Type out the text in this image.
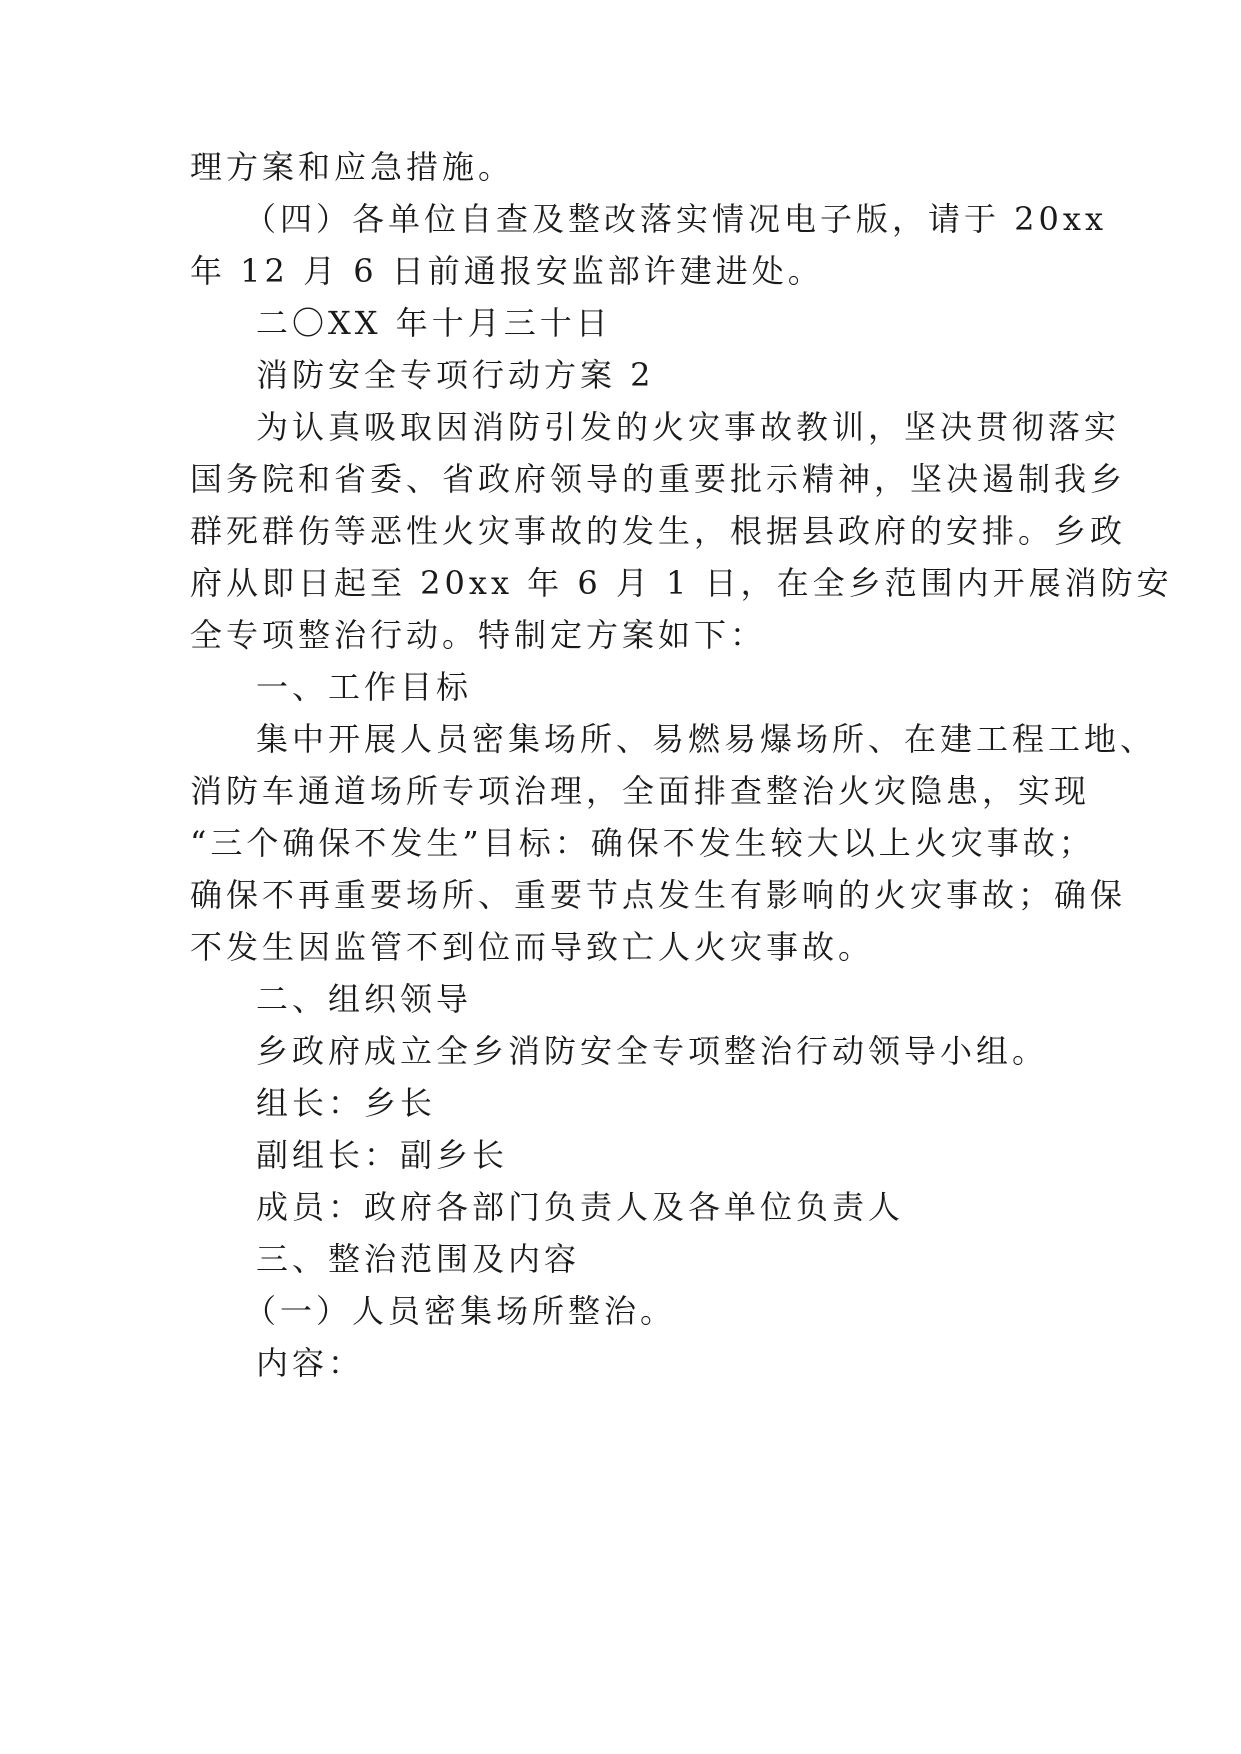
理方案和应急措施。
（四）各单位自查及整改落实情况电子版，请于 20xx
年 12 月 6 日前通报安监部许建进处。
二〇XX 年十月三十日
消防安全专项行动方案 2
为认真吸取因消防引发的火灾事故教训，坚决贯彻落实
国务院和省委、省政府领导的重要批示精神，坚决遏制我乡
群死群伤等恶性火灾事故的发生，根据县政府的安排。乡政
府从即日起至 20xx 年 6 月 1 日，在全乡范围内开展消防安
全专项整治行动。特制定方案如下：
一、工作目标
集中开展人员密集场所、易燃易爆场所、在建工程工地、
消防车通道场所专项治理，全面排查整治火灾隐患，实现
“三个确保不发生”目标：确保不发生较大以上火灾事故；
确保不再重要场所、重要节点发生有影响的火灾事故；确保
不发生因监管不到位而导致亡人火灾事故。
二、组织领导
乡政府成立全乡消防安全专项整治行动领导小组。
组长：乡长
副组长：副乡长
成员：政府各部门负责人及各单位负责人
三、整治范围及内容
（一）人员密集场所整治。
内容：
